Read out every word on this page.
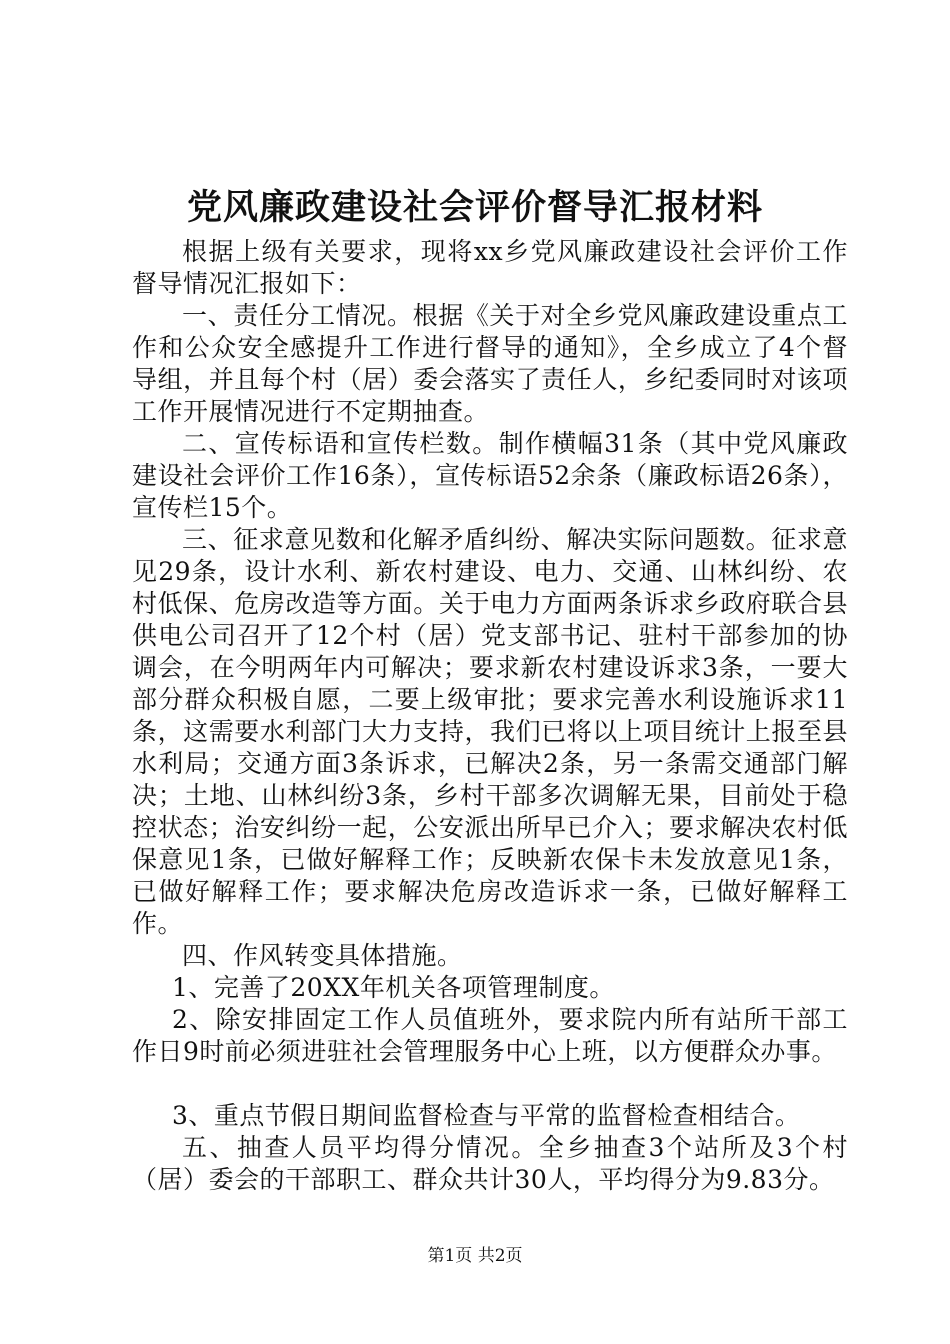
党风廉政建设社会评价督导汇报材料

根据上级有关要求，现将xx乡党风廉政建设社会评价工作督导情况汇报如下：

一、责任分工情况。根据《关于对全乡党风廉政建设重点工作和公众安全感提升工作进行督导的通知》，全乡成立了4个督导组，并且每个村（居）委会落实了责任人，乡纪委同时对该项工作开展情况进行不定期抽查。

二、宣传标语和宣传栏数。制作横幅31条（其中党风廉政建设社会评价工作16条），宣传标语52余条（廉政标语26条），宣传栏15个。

三、征求意见数和化解矛盾纠纷、解决实际问题数。征求意见29条，设计水利、新农村建设、电力、交通、山林纠纷、农村低保、危房改造等方面。关于电力方面两条诉求乡政府联合县供电公司召开了12个村（居）党支部书记、驻村干部参加的协调会，在今明两年内可解决；要求新农村建设诉求3条，一要大部分群众积极自愿，二要上级审批；要求完善水利设施诉求11条，这需要水利部门大力支持，我们已将以上项目统计上报至县水利局；交通方面3条诉求，已解决2条，另一条需交通部门解决；土地、山林纠纷3条，乡村干部多次调解无果，目前处于稳控状态；治安纠纷一起，公安派出所早已介入；要求解决农村低保意见1条，已做好解释工作；反映新农保卡未发放意见1条，已做好解释工作；要求解决危房改造诉求一条，已做好解释工作。

四、作风转变具体措施。

1、完善了20XX年机关各项管理制度。

2、除安排固定工作人员值班外，要求院内所有站所干部工作日9时前必须进驻社会管理服务中心上班，以方便群众办事。

3、重点节假日期间监督检查与平常的监督检查相结合。

五、抽查人员平均得分情况。全乡抽查3个站所及3个村（居）委会的干部职工、群众共计30人，平均得分为9.83分。

第1页 共2页
